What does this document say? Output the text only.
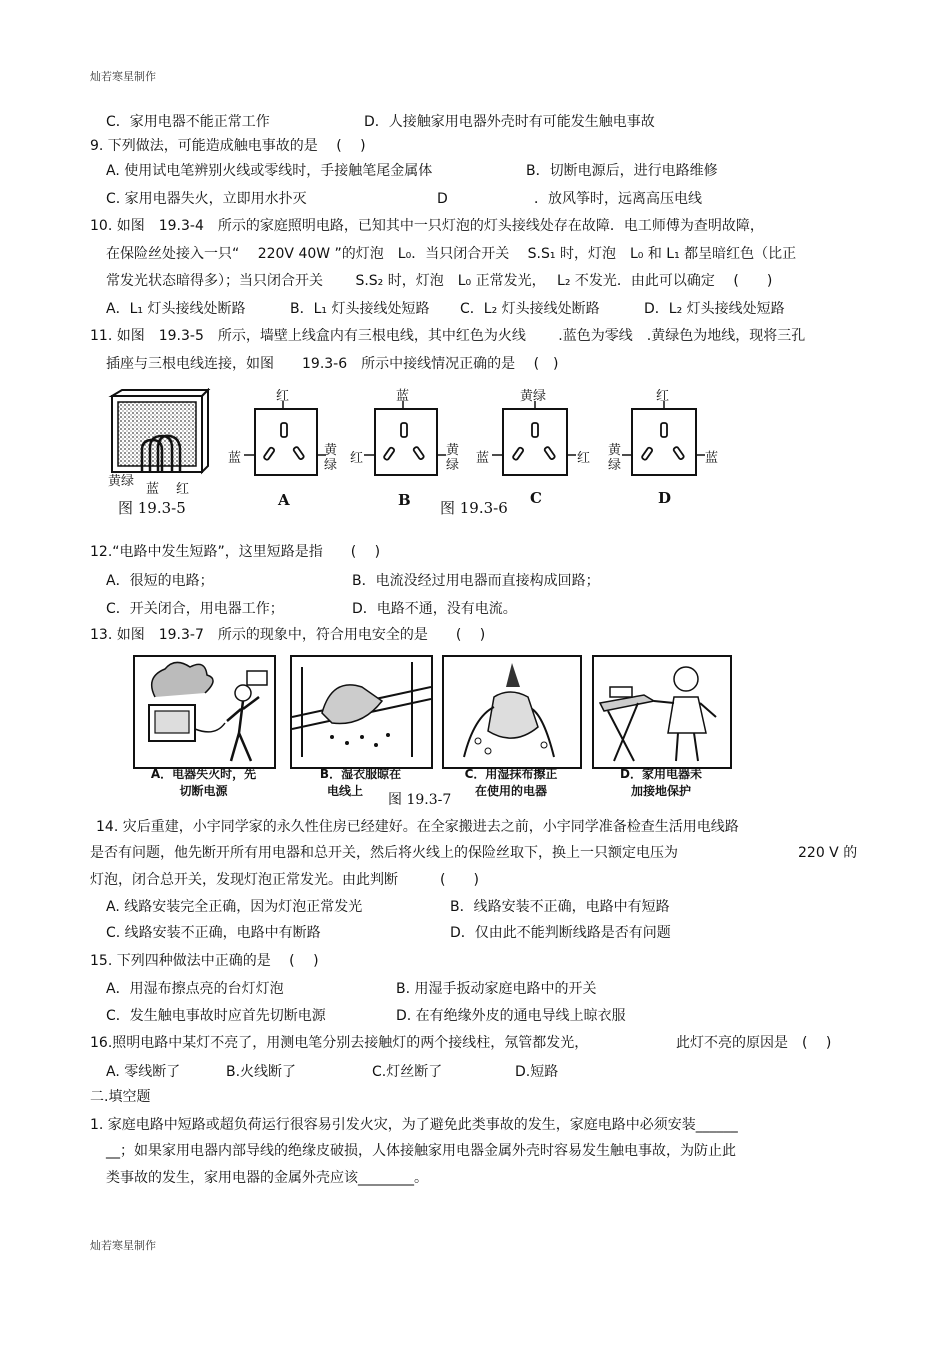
灿若寒星制作
C．家用电器不能正常工作	D．人接触家用电器外壳时有可能发生触电事故
9. 下列做法，可能造成触电事故的是　 (　 )
A. 使用试电笔辨别火线或零线时，手接触笔尾金属体	B．切断电源后，进行电路维修
C. 家用电器失火，立即用水扑灭	D	．放风筝时，远离高压电线
10. 如图　19.3-4　所示的家庭照明电路，已知其中一只灯泡的灯头接线处存在故障．电工师傅为查明故障，
在保险丝处接入一只“　 220V 40W ”的灯泡　L₀．当只闭合开关　 S.S₁ 时，灯泡　L₀ 和 L₁ 都呈暗红色（比正
常发光状态暗得多）；当只闭合开关　　 S.S₂ 时，灯泡　L₀ 正常发光，　 L₂ 不发光．由此可以确定　 (　　)
A．L₁ 灯头接线处断路	B．L₁ 灯头接线处短路 C．L₂ 灯头接线处断路	D．L₂ 灯头接线处短路
11. 如图　19.3-5　所示，墙壁上线盒内有三根电线，其中红色为火线　　 .蓝色为零线　.黄绿色为地线，现将三孔
插座与三根电线连接，如图　　19.3-6　所示中接线情况正确的是　 (　)
黄绿
蓝 红
图 19.3-5
红
蓝
黄绿
A
蓝
红
黄绿
B
黄绿
蓝	红
C
红
黄绿	蓝
D
图 19.3-6
12.“电路中发生短路”，这里短路是指　　(　 )
A．很短的电路；	B．电流没经过用电器而直接构成回路；
C．开关闭合，用电器工作；	D．电路不通，没有电流。
13. 如图　19.3-7　所示的现象中，符合用电安全的是　　(　 )
A．电器失火时，先
切断电源
B．湿衣服晾在
电线上
图 19.3-7
C．用湿抹布擦正
在使用的电器
D．家用电器未
加接地保护
14. 灾后重建，小宇同学家的永久性住房已经建好。在全家搬进去之前，小宇同学准备检查生活用电线路
是否有问题，他先断开所有用电器和总开关，然后将火线上的保险丝取下，换上一只额定电压为	220 V 的
灯泡，闭合总开关，发现灯泡正常发光。由此判断　　　(　　)
A. 线路安装完全正确，因为灯泡正常发光	B．线路安装不正确，电路中有短路
C. 线路安装不正确，电路中有断路	D．仅由此不能判断线路是否有问题
15. 下列四种做法中正确的是　 (　 )
A．用湿布擦点亮的台灯灯泡	B. 用湿手扳动家庭电路中的开关
C．发生触电事故时应首先切断电源	D. 在有绝缘外皮的通电导线上晾衣服
16.照明电路中某灯不亮了，用测电笔分别去接触灯的两个接线柱，氖管都发光，	此灯不亮的原因是　(　 )
A. 零线断了	B.火线断了	C.灯丝断了	D.短路
二.填空题
1. 家庭电路中短路或超负荷运行很容易引发火灾，为了避免此类事故的发生，家庭电路中必须安装______
__；如果家用电器内部导线的绝缘皮破损，人体接触家用电器金属外壳时容易发生触电事故，为防止此
类事故的发生，家用电器的金属外壳应该________。
灿若寒星制作
